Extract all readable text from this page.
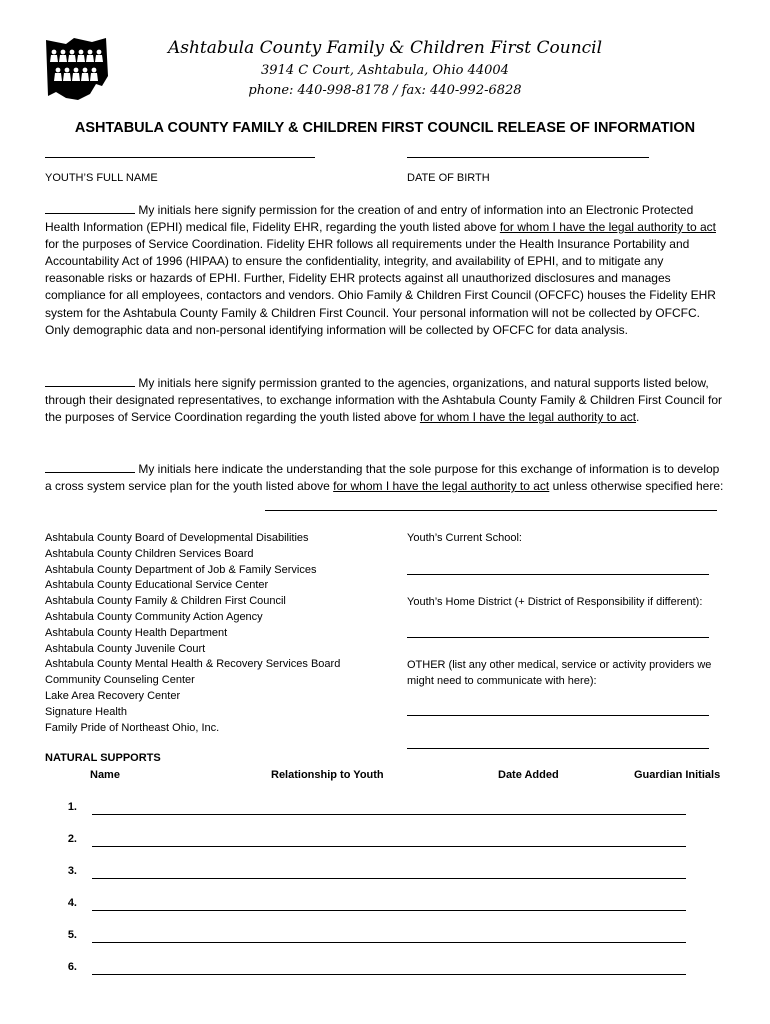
Ashtabula County Family & Children First Council
3914 C Court, Ashtabula, Ohio 44004
phone: 440-998-8178 / fax: 440-992-6828
ASHTABULA COUNTY FAMILY & CHILDREN FIRST COUNCIL RELEASE OF INFORMATION
YOUTH’S FULL NAME	DATE OF BIRTH
My initials here signify permission for the creation of and entry of information into an Electronic Protected Health Information (EPHI) medical file, Fidelity EHR, regarding the youth listed above for whom I have the legal authority to act for the purposes of Service Coordination. Fidelity EHR follows all requirements under the Health Insurance Portability and Accountability Act of 1996 (HIPAA) to ensure the confidentiality, integrity, and availability of EPHI, and to mitigate any reasonable risks or hazards of EPHI. Further, Fidelity EHR protects against all unauthorized disclosures and manages compliance for all employees, contactors and vendors. Ohio Family & Children First Council (OFCFC) houses the Fidelity EHR system for the Ashtabula County Family & Children First Council. Your personal information will not be collected by OFCFC. Only demographic data and non-personal identifying information will be collected by OFCFC for data analysis.
My initials here signify permission granted to the agencies, organizations, and natural supports listed below, through their designated representatives, to exchange information with the Ashtabula County Family & Children First Council for the purposes of Service Coordination regarding the youth listed above for whom I have the legal authority to act.
My initials here indicate the understanding that the sole purpose for this exchange of information is to develop a cross system service plan for the youth listed above for whom I have the legal authority to act unless otherwise specified here:
Ashtabula County Board of Developmental Disabilities
Ashtabula County Children Services Board
Ashtabula County Department of Job & Family Services
Ashtabula County Educational Service Center
Ashtabula County Family & Children First Council
Ashtabula County Community Action Agency
Ashtabula County Health Department
Ashtabula County Juvenile Court
Ashtabula County Mental Health & Recovery Services Board
Community Counseling Center
Lake Area Recovery Center
Signature Health
Family Pride of Northeast Ohio, Inc.
Youth’s Current School:
Youth’s Home District (+ District of Responsibility if different):
OTHER (list any other medical, service or activity providers we might need to communicate with here):
NATURAL SUPPORTS
Name	Relationship to Youth	Date Added	Guardian Initials
1.
2.
3.
4.
5.
6.
